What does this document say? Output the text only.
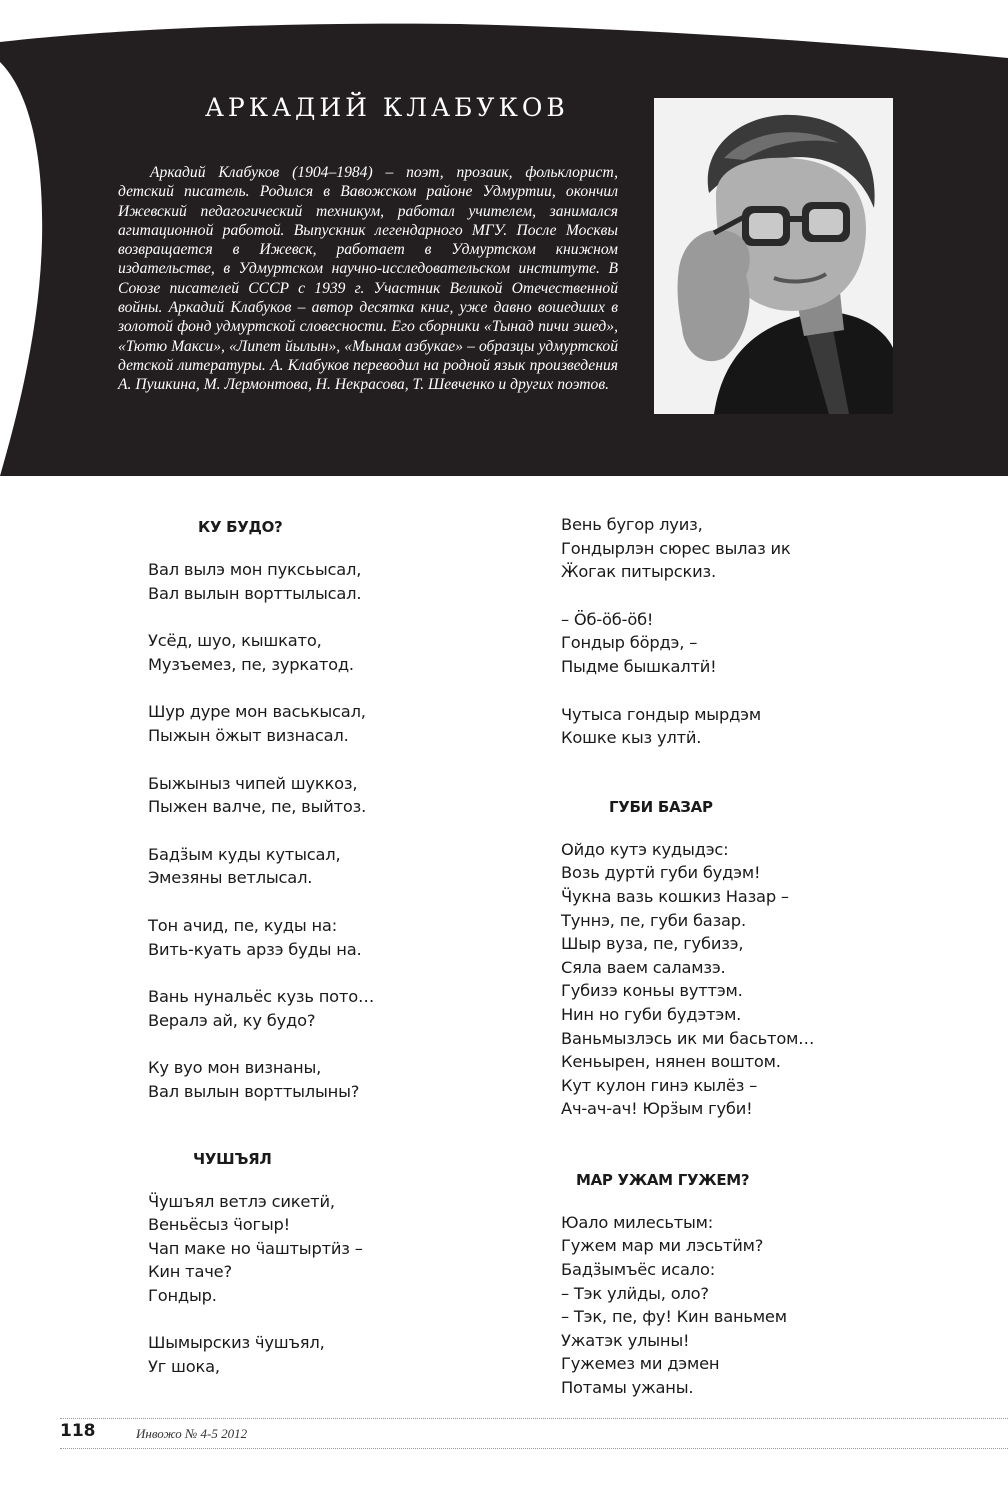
АРКАДИЙ КЛАБУКОВ

Аркадий Клабуков (1904–1984) – поэт, прозаик, фольклорист, детский писатель. Родился в Вавожском районе Удмуртии, окончил Ижевский педагогический техникум, работал учителем, занимался агитационной работой. Выпускник легендарного МГУ. После Москвы возвращается в Ижевск, работает в Удмуртском книжном издательстве, в Удмуртском научно-исследовательском институте. В Союзе писателей СССР с 1939 г. Участник Великой Отечественной войны. Аркадий Клабуков – автор десятка книг, уже давно вошедших в золотой фонд удмуртской словесности. Его сборники «Тынад пичи эшед», «Тютю Макси», «Липет йылын», «Мынам азбукае» – образцы удмуртской детской литературы. А. Клабуков переводил на родной язык произведения А. Пушкина, М. Лермонтова, Н. Некрасова, Т. Шевченко и других поэтов.

КУ БУДО?
Вал вылэ мон пуксьысал,
Вал вылын ворттылысал.
Усёд, шуо, кышкато,
Музъемез, пе, зуркатод.
Шур дуре мон васькысал,
Пыжын ӧжыт визнасал.
Быжыныз чипей шуккоз,
Пыжен валче, пе, выйтоз.
Бадӟым куды кутысал,
Эмезяны ветлысал.
Тон ачид, пе, куды на:
Вить-куать арзэ буды на.
Вань нунальёс кузь пото…
Beралэ ай, ку будо?
Ку вуо мон визнаны,
Вал вылын ворттылыны?
ЧУШЪЯЛ
Ӵушъял ветлэ сикетӥ,
Веньёсыз ӵогыр!
Чап маке но ӵаштыртӥз –
Кин тачe?
Гондыр.
Шымырскиз ӵушъял,
Уг шока,
Вень бугор луиз,
Гондырлэн сюрес вылаз ик
Ӝогак питырскиз.
– Ӧб-ӧб-ӧб!
Гондыр бӧрдэ, –
Пыдме бышкалтӥ!
Чутыса гондыр мырдэм
Кошке кыз ултӥ.
ГУБИ БАЗАР
Ойдо кутэ кудыдэс:
Возь дуртӥ губи будэм!
Ӵукна вазь кошкиз Назар –
Туннэ, пе, губи базар.
Шыр вуза, пе, губизэ,
Сяла ваем саламзэ.
Губизэ коньы вуттэм.
Нин но губи будэтэм.
Ваньмызлэсь ик ми басьтом…
Кеньырен, нянен воштом.
Кут кулон гинэ кылёз –
Ач-ач-ач! Юрӟым губи!
МАР УЖАМ ГУЖЕМ?
Юало милесьтым:
Гужем мар ми лэсьтӥм?
Бадӟымъёс исало:
– Тэк улӥды, оло?
– Тэк, пе, фу! Кин ваньмем
Ужатэк улыны!
Гужемез ми дэмен
Потамы ужаны.
118	Инвожо № 4-5 2012
